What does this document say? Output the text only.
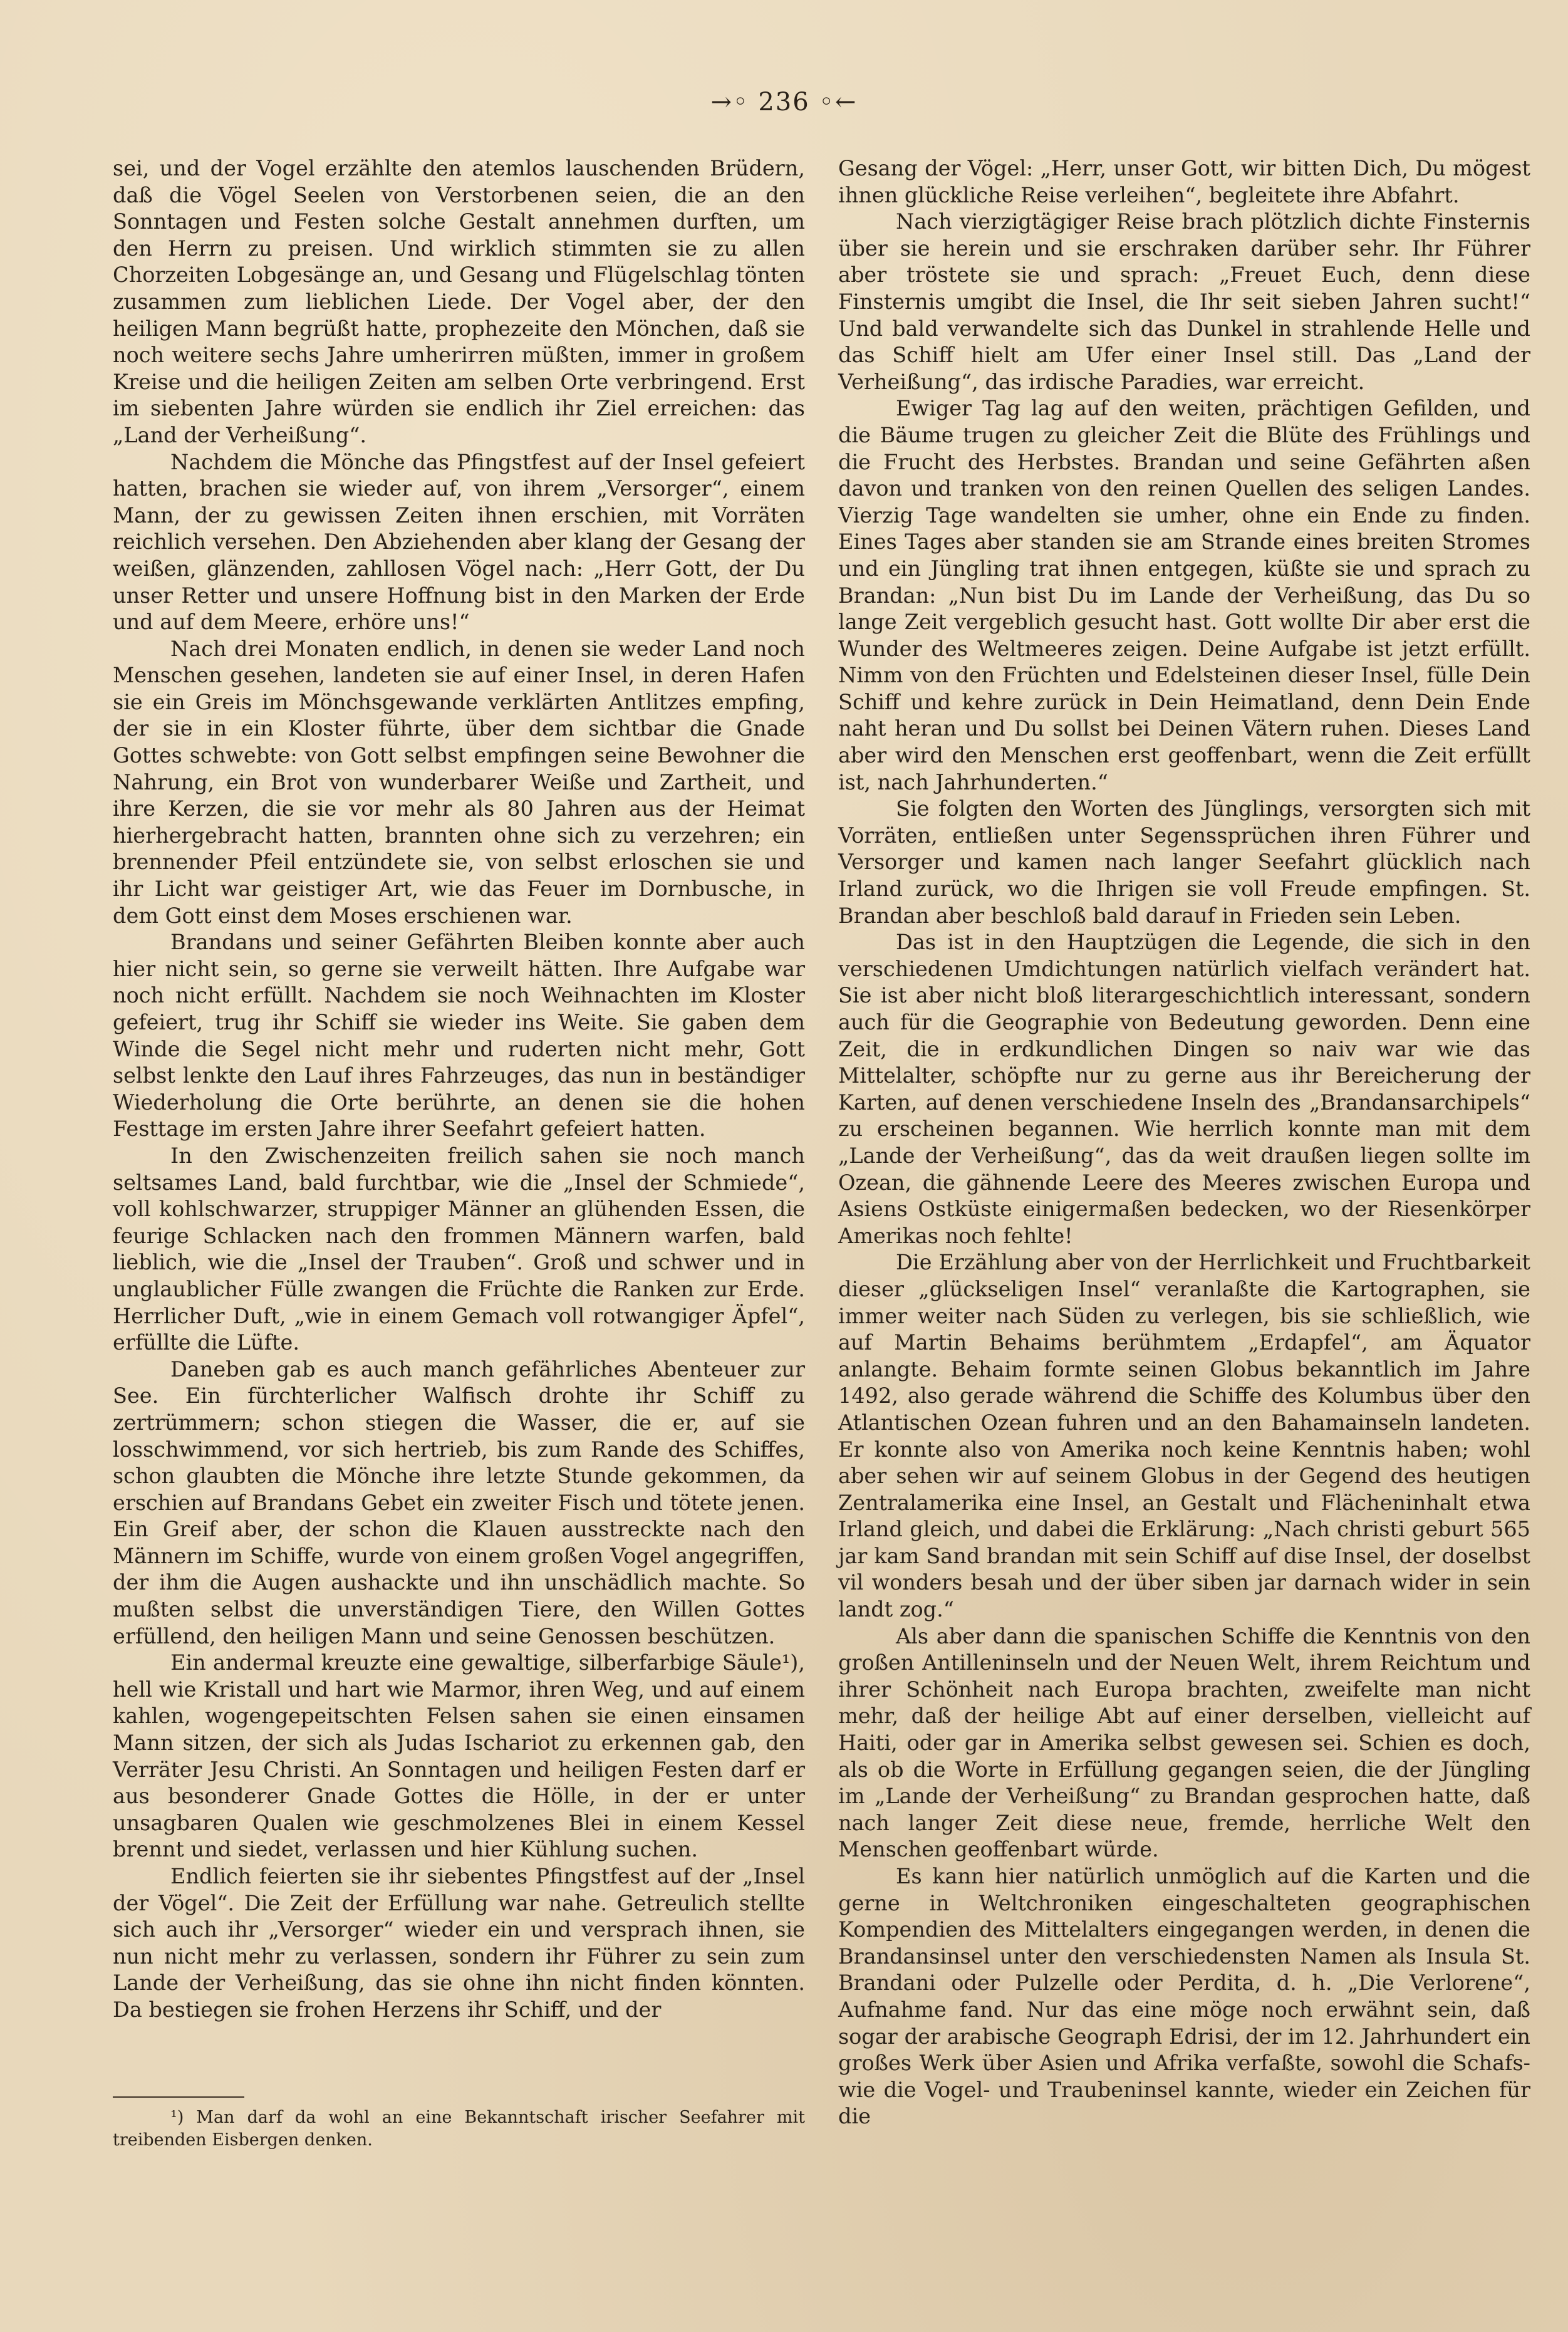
→◦ 236 ◦←

sei, und der Vogel erzählte den atemlos lauschenden Brüdern, daß die Vögel Seelen von Verstorbenen seien, die an den Sonntagen und Festen solche Gestalt annehmen durften, um den Herrn zu preisen. Und wirklich stimmten sie zu allen Chorzeiten Lobgesänge an, und Gesang und Flügelschlag tönten zusammen zum lieblichen Liede. Der Vogel aber, der den heiligen Mann begrüßt hatte, prophezeite den Mönchen, daß sie noch weitere sechs Jahre umherirren müßten, immer in großem Kreise und die heiligen Zeiten am selben Orte verbringend. Erst im siebenten Jahre würden sie endlich ihr Ziel erreichen: das „Land der Verheißung“.

Nachdem die Mönche das Pfingstfest auf der Insel gefeiert hatten, brachen sie wieder auf, von ihrem „Versorger“, einem Mann, der zu gewissen Zeiten ihnen erschien, mit Vorräten reichlich versehen. Den Abziehenden aber klang der Gesang der weißen, glänzenden, zahllosen Vögel nach: „Herr Gott, der Du unser Retter und unsere Hoffnung bist in den Marken der Erde und auf dem Meere, erhöre uns!“

Nach drei Monaten endlich, in denen sie weder Land noch Menschen gesehen, landeten sie auf einer Insel, in deren Hafen sie ein Greis im Mönchsgewande verklärten Antlitzes empfing, der sie in ein Kloster führte, über dem sichtbar die Gnade Gottes schwebte: von Gott selbst empfingen seine Bewohner die Nahrung, ein Brot von wunderbarer Weiße und Zartheit, und ihre Kerzen, die sie vor mehr als 80 Jahren aus der Heimat hierhergebracht hatten, brannten ohne sich zu verzehren; ein brennender Pfeil entzündete sie, von selbst erloschen sie und ihr Licht war geistiger Art, wie das Feuer im Dornbusche, in dem Gott einst dem Moses erschienen war.

Brandans und seiner Gefährten Bleiben konnte aber auch hier nicht sein, so gerne sie verweilt hätten. Ihre Aufgabe war noch nicht erfüllt. Nachdem sie noch Weihnachten im Kloster gefeiert, trug ihr Schiff sie wieder ins Weite. Sie gaben dem Winde die Segel nicht mehr und ruderten nicht mehr, Gott selbst lenkte den Lauf ihres Fahrzeuges, das nun in beständiger Wiederholung die Orte berührte, an denen sie die hohen Festtage im ersten Jahre ihrer Seefahrt gefeiert hatten.

In den Zwischenzeiten freilich sahen sie noch manch seltsames Land, bald furchtbar, wie die „Insel der Schmiede“, voll kohlschwarzer, struppiger Männer an glühenden Essen, die feurige Schlacken nach den frommen Männern warfen, bald lieblich, wie die „Insel der Trauben“. Groß und schwer und in unglaublicher Fülle zwangen die Früchte die Ranken zur Erde. Herrlicher Duft, „wie in einem Gemach voll rotwangiger Äpfel“, erfüllte die Lüfte.

Daneben gab es auch manch gefährliches Abenteuer zur See. Ein fürchterlicher Walfisch drohte ihr Schiff zu zertrümmern; schon stiegen die Wasser, die er, auf sie losschwimmend, vor sich hertrieb, bis zum Rande des Schiffes, schon glaubten die Mönche ihre letzte Stunde gekommen, da erschien auf Brandans Gebet ein zweiter Fisch und tötete jenen. Ein Greif aber, der schon die Klauen ausstreckte nach den Männern im Schiffe, wurde von einem großen Vogel angegriffen, der ihm die Augen aushackte und ihn unschädlich machte. So mußten selbst die unverständigen Tiere, den Willen Gottes erfüllend, den heiligen Mann und seine Genossen beschützen.

Ein andermal kreuzte eine gewaltige, silberfarbige Säule¹), hell wie Kristall und hart wie Marmor, ihren Weg, und auf einem kahlen, wogengepeitschten Felsen sahen sie einen einsamen Mann sitzen, der sich als Judas Ischariot zu erkennen gab, den Verräter Jesu Christi. An Sonntagen und heiligen Festen darf er aus besonderer Gnade Gottes die Hölle, in der er unter unsagbaren Qualen wie geschmolzenes Blei in einem Kessel brennt und siedet, verlassen und hier Kühlung suchen.

Endlich feierten sie ihr siebentes Pfingstfest auf der „Insel der Vögel“. Die Zeit der Erfüllung war nahe. Getreulich stellte sich auch ihr „Versorger“ wieder ein und versprach ihnen, sie nun nicht mehr zu verlassen, sondern ihr Führer zu sein zum Lande der Verheißung, das sie ohne ihn nicht finden könnten. Da bestiegen sie frohen Herzens ihr Schiff, und der

Gesang der Vögel: „Herr, unser Gott, wir bitten Dich, Du mögest ihnen glückliche Reise verleihen“, begleitete ihre Abfahrt.

Nach vierzigtägiger Reise brach plötzlich dichte Finsternis über sie herein und sie erschraken darüber sehr. Ihr Führer aber tröstete sie und sprach: „Freuet Euch, denn diese Finsternis umgibt die Insel, die Ihr seit sieben Jahren sucht!“ Und bald verwandelte sich das Dunkel in strahlende Helle und das Schiff hielt am Ufer einer Insel still. Das „Land der Verheißung“, das irdische Paradies, war erreicht.

Ewiger Tag lag auf den weiten, prächtigen Gefilden, und die Bäume trugen zu gleicher Zeit die Blüte des Frühlings und die Frucht des Herbstes. Brandan und seine Gefährten aßen davon und tranken von den reinen Quellen des seligen Landes. Vierzig Tage wandelten sie umher, ohne ein Ende zu finden. Eines Tages aber standen sie am Strande eines breiten Stromes und ein Jüngling trat ihnen entgegen, küßte sie und sprach zu Brandan: „Nun bist Du im Lande der Verheißung, das Du so lange Zeit vergeblich gesucht hast. Gott wollte Dir aber erst die Wunder des Weltmeeres zeigen. Deine Aufgabe ist jetzt erfüllt. Nimm von den Früchten und Edelsteinen dieser Insel, fülle Dein Schiff und kehre zurück in Dein Heimatland, denn Dein Ende naht heran und Du sollst bei Deinen Vätern ruhen. Dieses Land aber wird den Menschen erst geoffenbart, wenn die Zeit erfüllt ist, nach Jahrhunderten.“

Sie folgten den Worten des Jünglings, versorgten sich mit Vorräten, entließen unter Segenssprüchen ihren Führer und Versorger und kamen nach langer Seefahrt glücklich nach Irland zurück, wo die Ihrigen sie voll Freude empfingen. St. Brandan aber beschloß bald darauf in Frieden sein Leben.

Das ist in den Hauptzügen die Legende, die sich in den verschiedenen Umdichtungen natürlich vielfach verändert hat. Sie ist aber nicht bloß literargeschichtlich interessant, sondern auch für die Geographie von Bedeutung geworden. Denn eine Zeit, die in erdkundlichen Dingen so naiv war wie das Mittelalter, schöpfte nur zu gerne aus ihr Bereicherung der Karten, auf denen verschiedene Inseln des „Brandansarchipels“ zu erscheinen begannen. Wie herrlich konnte man mit dem „Lande der Verheißung“, das da weit draußen liegen sollte im Ozean, die gähnende Leere des Meeres zwischen Europa und Asiens Ostküste einigermaßen bedecken, wo der Riesenkörper Amerikas noch fehlte!

Die Erzählung aber von der Herrlichkeit und Fruchtbarkeit dieser „glückseligen Insel“ veranlaßte die Kartographen, sie immer weiter nach Süden zu verlegen, bis sie schließlich, wie auf Martin Behaims berühmtem „Erdapfel“, am Äquator anlangte. Behaim formte seinen Globus bekanntlich im Jahre 1492, also gerade während die Schiffe des Kolumbus über den Atlantischen Ozean fuhren und an den Bahamainseln landeten. Er konnte also von Amerika noch keine Kenntnis haben; wohl aber sehen wir auf seinem Globus in der Gegend des heutigen Zentralamerika eine Insel, an Gestalt und Flächeninhalt etwa Irland gleich, und dabei die Erklärung: „Nach christi geburt 565 jar kam Sand brandan mit sein Schiff auf dise Insel, der doselbst vil wonders besah und der über siben jar darnach wider in sein landt zog.“

Als aber dann die spanischen Schiffe die Kenntnis von den großen Antilleninseln und der Neuen Welt, ihrem Reichtum und ihrer Schönheit nach Europa brachten, zweifelte man nicht mehr, daß der heilige Abt auf einer derselben, vielleicht auf Haiti, oder gar in Amerika selbst gewesen sei. Schien es doch, als ob die Worte in Erfüllung gegangen seien, die der Jüngling im „Lande der Verheißung“ zu Brandan gesprochen hatte, daß nach langer Zeit diese neue, fremde, herrliche Welt den Menschen geoffenbart würde.

Es kann hier natürlich unmöglich auf die Karten und die gerne in Weltchroniken eingeschalteten geographischen Kompendien des Mittelalters eingegangen werden, in denen die Brandansinsel unter den verschiedensten Namen als Insula St. Brandani oder Pulzelle oder Perdita, d. h. „Die Verlorene“, Aufnahme fand. Nur das eine möge noch erwähnt sein, daß sogar der arabische Geograph Edrisi, der im 12. Jahrhundert ein großes Werk über Asien und Afrika verfaßte, sowohl die Schafs- wie die Vogel- und Traubeninsel kannte, wieder ein Zeichen für die

¹) Man darf da wohl an eine Bekanntschaft irischer Seefahrer mit treibenden Eisbergen denken.
